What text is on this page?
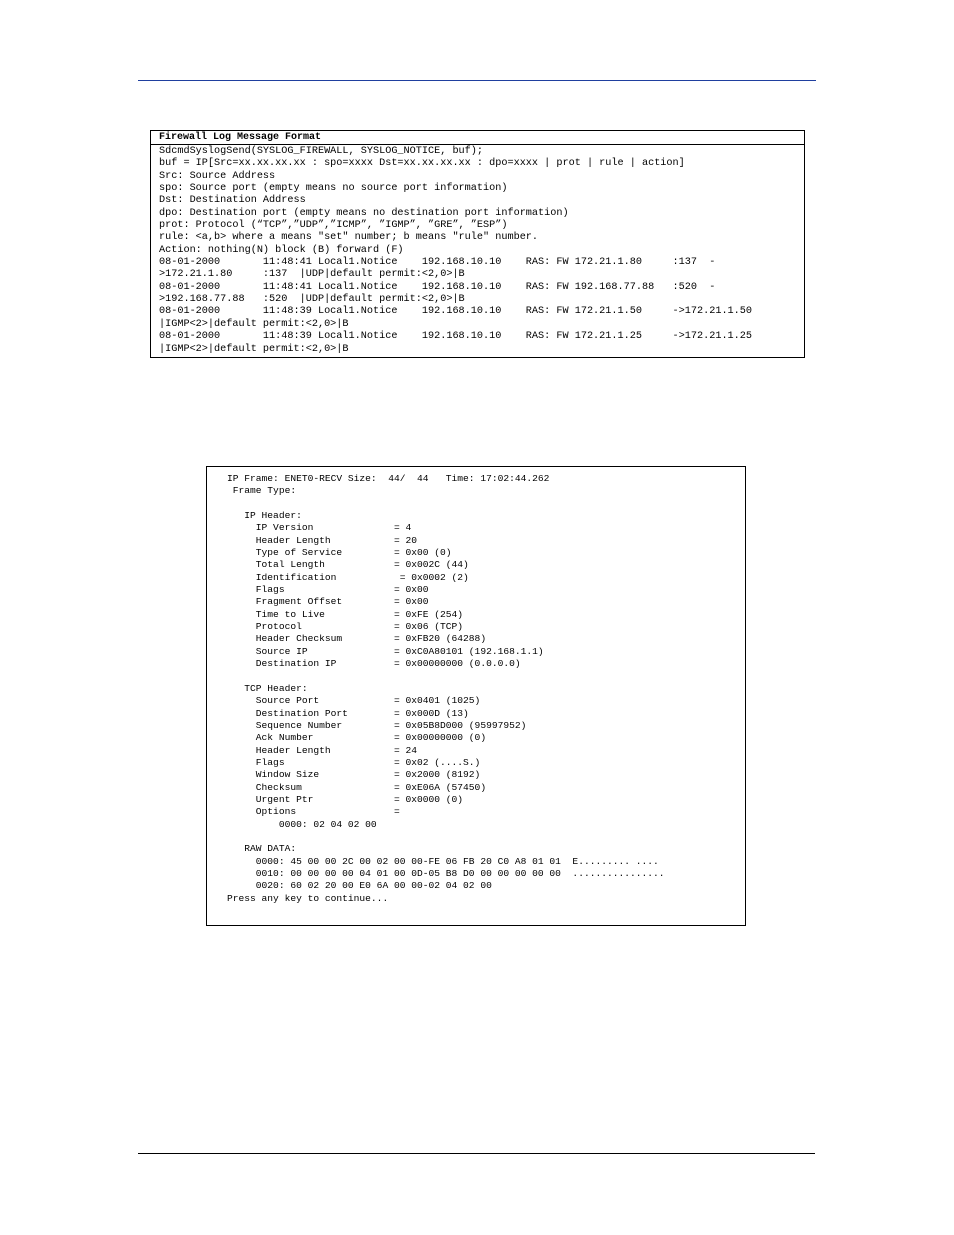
Firewall Log Message Format
SdcmdSyslogSend(SYSLOG_FIREWALL, SYSLOG_NOTICE, buf);
buf = IP[Src=xx.xx.xx.xx : spo=xxxx Dst=xx.xx.xx.xx : dpo=xxxx | prot | rule | action]
Src: Source Address
spo: Source port (empty means no source port information)
Dst: Destination Address
dpo: Destination port (empty means no destination port information)
prot: Protocol (“TCP”,”UDP”,”ICMP”, ”IGMP”, ”GRE”, ”ESP”)
rule: <a,b> where a means "set" number; b means "rule" number.
Action: nothing(N) block (B) forward (F)
08-01-2000       11:48:41 Local1.Notice    192.168.10.10    RAS: FW 172.21.1.80     :137  -
>172.21.1.80     :137  |UDP|default permit:<2,0>|B
08-01-2000       11:48:41 Local1.Notice    192.168.10.10    RAS: FW 192.168.77.88   :520  -
>192.168.77.88   :520  |UDP|default permit:<2,0>|B
08-01-2000       11:48:39 Local1.Notice    192.168.10.10    RAS: FW 172.21.1.50     ->172.21.1.50
|IGMP<2>|default permit:<2,0>|B
08-01-2000       11:48:39 Local1.Notice    192.168.10.10    RAS: FW 172.21.1.25     ->172.21.1.25
|IGMP<2>|default permit:<2,0>|B
IP Frame: ENET0-RECV Size:  44/  44   Time: 17:02:44.262
Frame Type:
IP Header:
IP Version              = 4
Header Length           = 20
Type of Service         = 0x00 (0)
Total Length            = 0x002C (44)
Identification           = 0x0002 (2)
Flags                   = 0x00
Fragment Offset         = 0x00
Time to Live            = 0xFE (254)
Protocol                = 0x06 (TCP)
Header Checksum         = 0xFB20 (64288)
Source IP               = 0xC0A80101 (192.168.1.1)
Destination IP          = 0x00000000 (0.0.0.0)
TCP Header:
Source Port             = 0x0401 (1025)
Destination Port        = 0x000D (13)
Sequence Number         = 0x05B8D000 (95997952)
Ack Number              = 0x00000000 (0)
Header Length           = 24
Flags                   = 0x02 (....S.)
Window Size             = 0x2000 (8192)
Checksum                = 0xE06A (57450)
Urgent Ptr              = 0x0000 (0)
Options                 =
0000: 02 04 02 00
RAW DATA:
0000: 45 00 00 2C 00 02 00 00-FE 06 FB 20 C0 A8 01 01  E......... ....
0010: 00 00 00 00 04 01 00 0D-05 B8 D0 00 00 00 00 00  ................
0020: 60 02 20 00 E0 6A 00 00-02 04 02 00
Press any key to continue...
